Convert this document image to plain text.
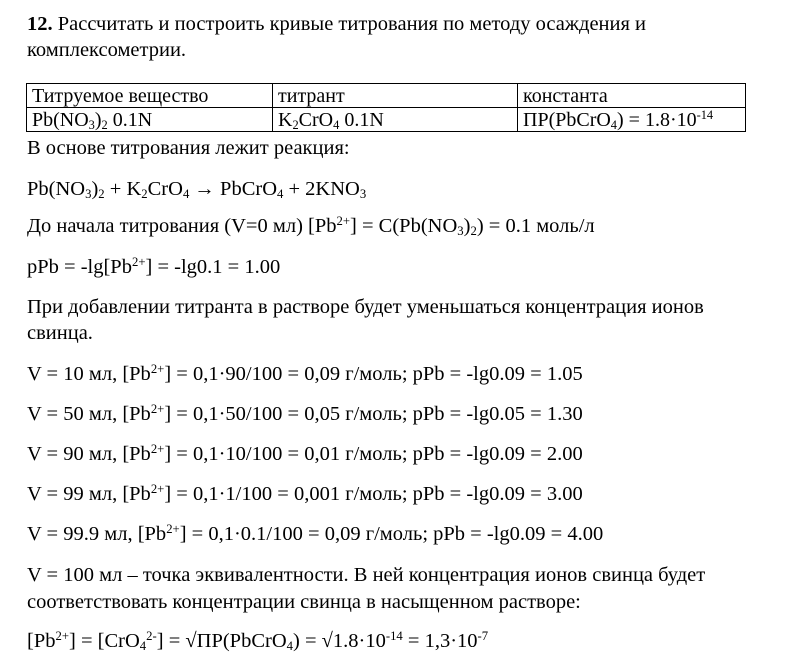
12. Рассчитать и построить кривые титрования по методу осаждения и
комплексометрии.
Титруемое вещество	титрант	константа
$Pb(NO_3)_2$ 0.1N	$K_2CrO_4$ 0.1N	ПР(PbCrO$_4$) = $1.8\cdot 10^{-14}$
В основе титрования лежит реакция:
$Pb(NO_3)_2 + K_2CrO_4$ → PbCrO$_4$ + $2KNO_3$
До начала титрования (V=0 мл) $[Pb^{2+}] = C(Pb(NO_3)_2) = 0.1$ моль/л
pPb = $-\lg[Pb^{2+}] = -\lg 0.1 = 1.00$
При добавлении титранта в растворе будет уменьшаться концентрация ионов
свинца.
V = 10 мл, $[Pb^{2+}] = 0,1\cdot 90/100 = 0,09$ г/моль; pPb = -lg0.09 = 1.05
V = 50 мл, $[Pb^{2+}] = 0,1\cdot 50/100 = 0,05$ г/моль; pPb = -lg0.05 = 1.30
V = 90 мл, $[Pb^{2+}] = 0,1\cdot 10/100 = 0,01$ г/моль; pPb = -lg0.09 = 2.00
V = 99 мл, $[Pb^{2+}] = 0,1\cdot 1/100 = 0,001$ г/моль; pPb = -lg0.09 = 3.00
V = 99.9 мл, $[Pb^{2+}] = 0,1\cdot 0.1/100 = 0,09$ г/моль; pPb = -lg0.09 = 4.00
V = 100 мл – точка эквивалентности. В ней концентрация ионов свинца будет
соответствовать концентрации свинца в насыщенном растворе:
$[Pb^{2+}] = [CrO_4^{2-}]$ = √ПР(PbCrO$_4$) = $√1.8\cdot 10^{-14} = 1,3\cdot 10^{-7}$
